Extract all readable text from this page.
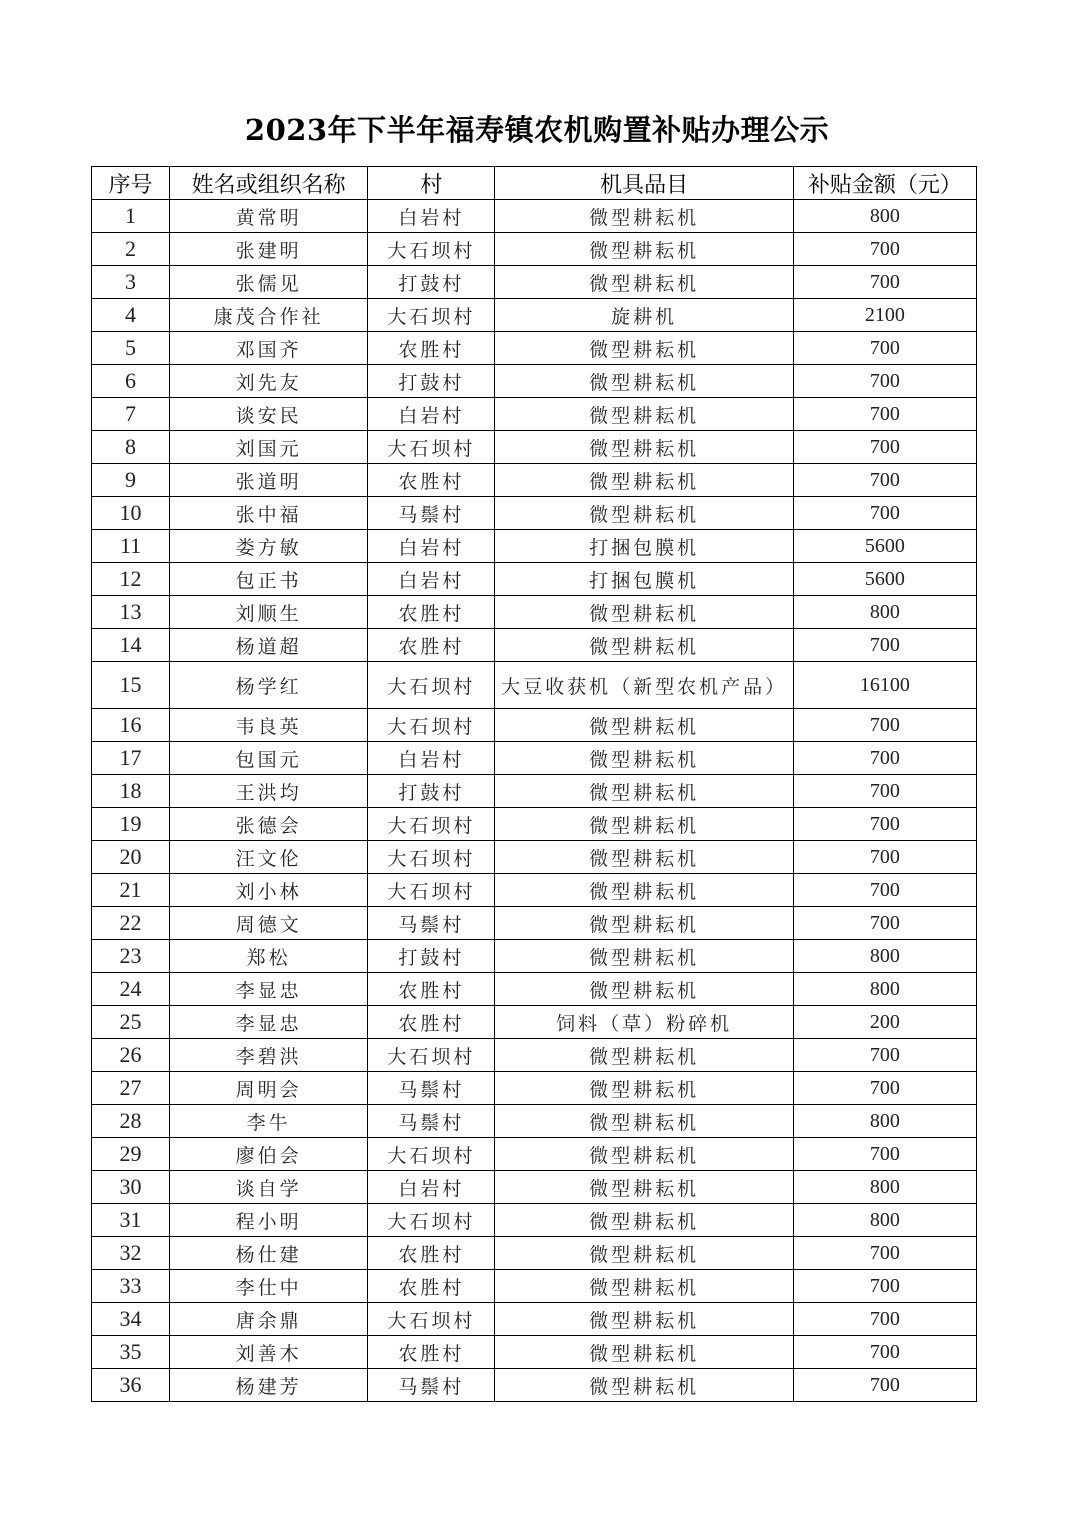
2023年下半年福寿镇农机购置补贴办理公示
序号	姓名或组织名称	村	机具品目	补贴金额（元）
1	黄常明	白岩村	微型耕耘机	800
2	张建明	大石坝村	微型耕耘机	700
3	张儒见	打鼓村	微型耕耘机	700
4	康茂合作社	大石坝村	旋耕机	2100
5	邓国齐	农胜村	微型耕耘机	700
6	刘先友	打鼓村	微型耕耘机	700
7	谈安民	白岩村	微型耕耘机	700
8	刘国元	大石坝村	微型耕耘机	700
9	张道明	农胜村	微型耕耘机	700
10	张中福	马鬃村	微型耕耘机	700
11	娄方敏	白岩村	打捆包膜机	5600
12	包正书	白岩村	打捆包膜机	5600
13	刘顺生	农胜村	微型耕耘机	800
14	杨道超	农胜村	微型耕耘机	700
15	杨学红	大石坝村	大豆收获机（新型农机产品）	16100
16	韦良英	大石坝村	微型耕耘机	700
17	包国元	白岩村	微型耕耘机	700
18	王洪均	打鼓村	微型耕耘机	700
19	张德会	大石坝村	微型耕耘机	700
20	汪文伦	大石坝村	微型耕耘机	700
21	刘小林	大石坝村	微型耕耘机	700
22	周德文	马鬃村	微型耕耘机	700
23	郑松	打鼓村	微型耕耘机	800
24	李显忠	农胜村	微型耕耘机	800
25	李显忠	农胜村	饲料（草）粉碎机	200
26	李碧洪	大石坝村	微型耕耘机	700
27	周明会	马鬃村	微型耕耘机	700
28	李牛	马鬃村	微型耕耘机	800
29	廖伯会	大石坝村	微型耕耘机	700
30	谈自学	白岩村	微型耕耘机	800
31	程小明	大石坝村	微型耕耘机	800
32	杨仕建	农胜村	微型耕耘机	700
33	李仕中	农胜村	微型耕耘机	700
34	唐余鼎	大石坝村	微型耕耘机	700
35	刘善木	农胜村	微型耕耘机	700
36	杨建芳	马鬃村	微型耕耘机	700
